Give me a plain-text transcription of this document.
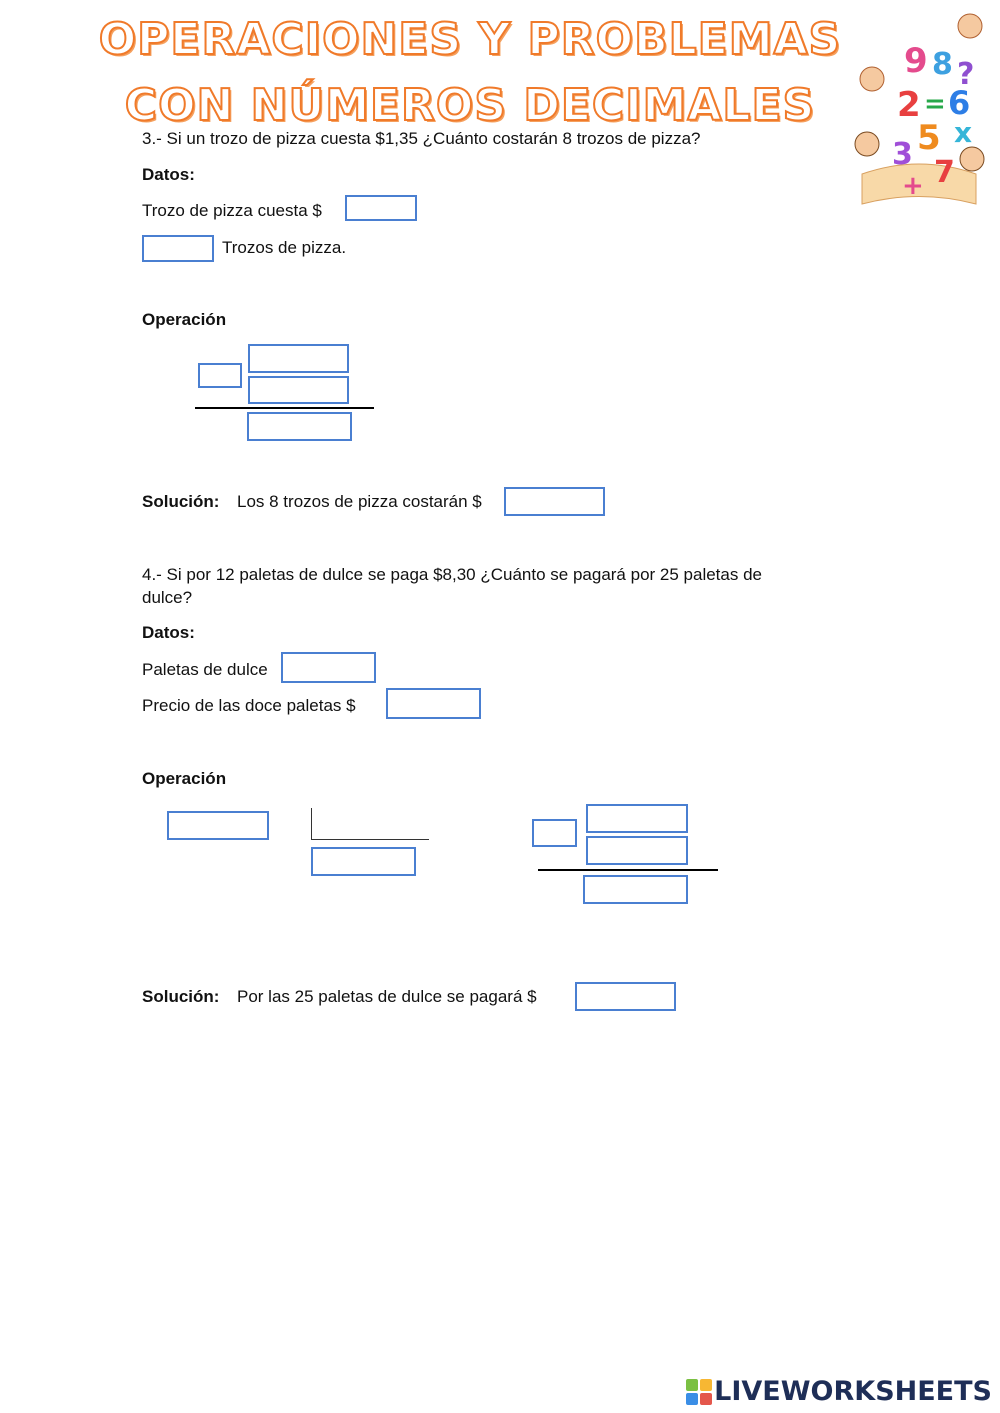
OPERACIONES Y PROBLEMAS
CON NÚMEROS DECIMALES
9 8 ?
2 = 6
5 x
3
7
+
3.- Si un trozo de pizza cuesta $1,35 ¿Cuánto costarán 8 trozos de pizza?
Datos:
Trozo de pizza cuesta $
Trozos de pizza.
Operación
Solución: Los 8 trozos de pizza costarán $
4.- Si por 12 paletas de dulce se paga $8,30 ¿Cuánto se pagará por 25 paletas de
dulce?
Datos:
Paletas de dulce
Precio de las doce paletas $
Operación
Solución: Por las 25 paletas de dulce se pagará $
LIVEWORKSHEETS
